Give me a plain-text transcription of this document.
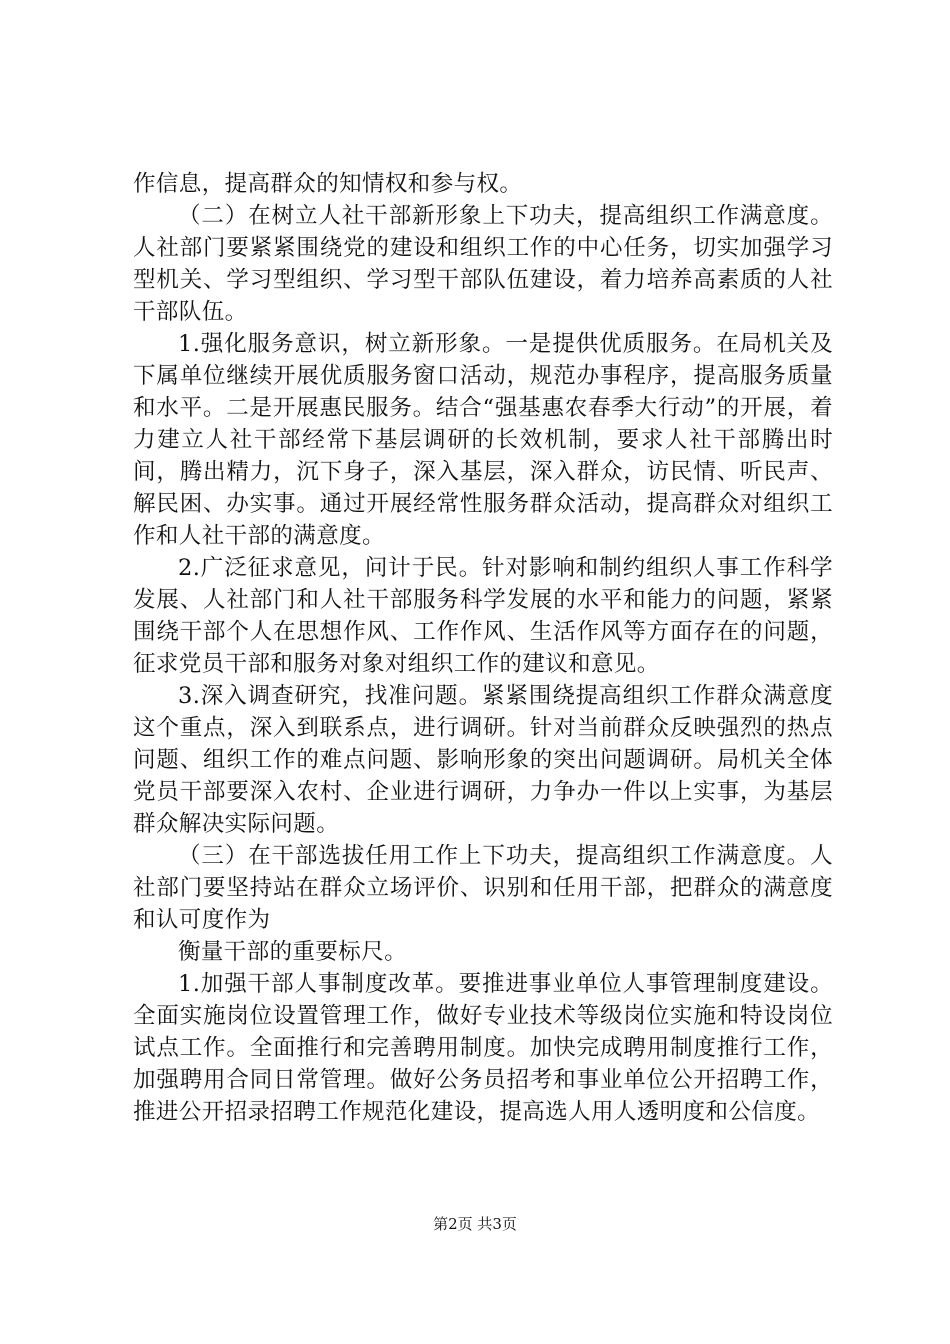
作信息，提高群众的知情权和参与权。

（二）在树立人社干部新形象上下功夫，提高组织工作满意度。人社部门要紧紧围绕党的建设和组织工作的中心任务，切实加强学习型机关、学习型组织、学习型干部队伍建设，着力培养高素质的人社干部队伍。

1.强化服务意识，树立新形象。一是提供优质服务。在局机关及下属单位继续开展优质服务窗口活动，规范办事程序，提高服务质量和水平。二是开展惠民服务。结合“强基惠农春季大行动”的开展，着力建立人社干部经常下基层调研的长效机制，要求人社干部腾出时间，腾出精力，沉下身子，深入基层，深入群众，访民情、听民声、解民困、办实事。通过开展经常性服务群众活动，提高群众对组织工作和人社干部的满意度。

2.广泛征求意见，问计于民。针对影响和制约组织人事工作科学发展、人社部门和人社干部服务科学发展的水平和能力的问题，紧紧围绕干部个人在思想作风、工作作风、生活作风等方面存在的问题，征求党员干部和服务对象对组织工作的建议和意见。

3.深入调查研究，找准问题。紧紧围绕提高组织工作群众满意度这个重点，深入到联系点，进行调研。针对当前群众反映强烈的热点问题、组织工作的难点问题、影响形象的突出问题调研。局机关全体党员干部要深入农村、企业进行调研，力争办一件以上实事，为基层群众解决实际问题。

（三）在干部选拔任用工作上下功夫，提高组织工作满意度。人社部门要坚持站在群众立场评价、识别和任用干部，把群众的满意度和认可度作为

衡量干部的重要标尺。

1.加强干部人事制度改革。要推进事业单位人事管理制度建设。全面实施岗位设置管理工作，做好专业技术等级岗位实施和特设岗位试点工作。全面推行和完善聘用制度。加快完成聘用制度推行工作，加强聘用合同日常管理。做好公务员招考和事业单位公开招聘工作，推进公开招录招聘工作规范化建设，提高选人用人透明度和公信度。

第2页 共3页
